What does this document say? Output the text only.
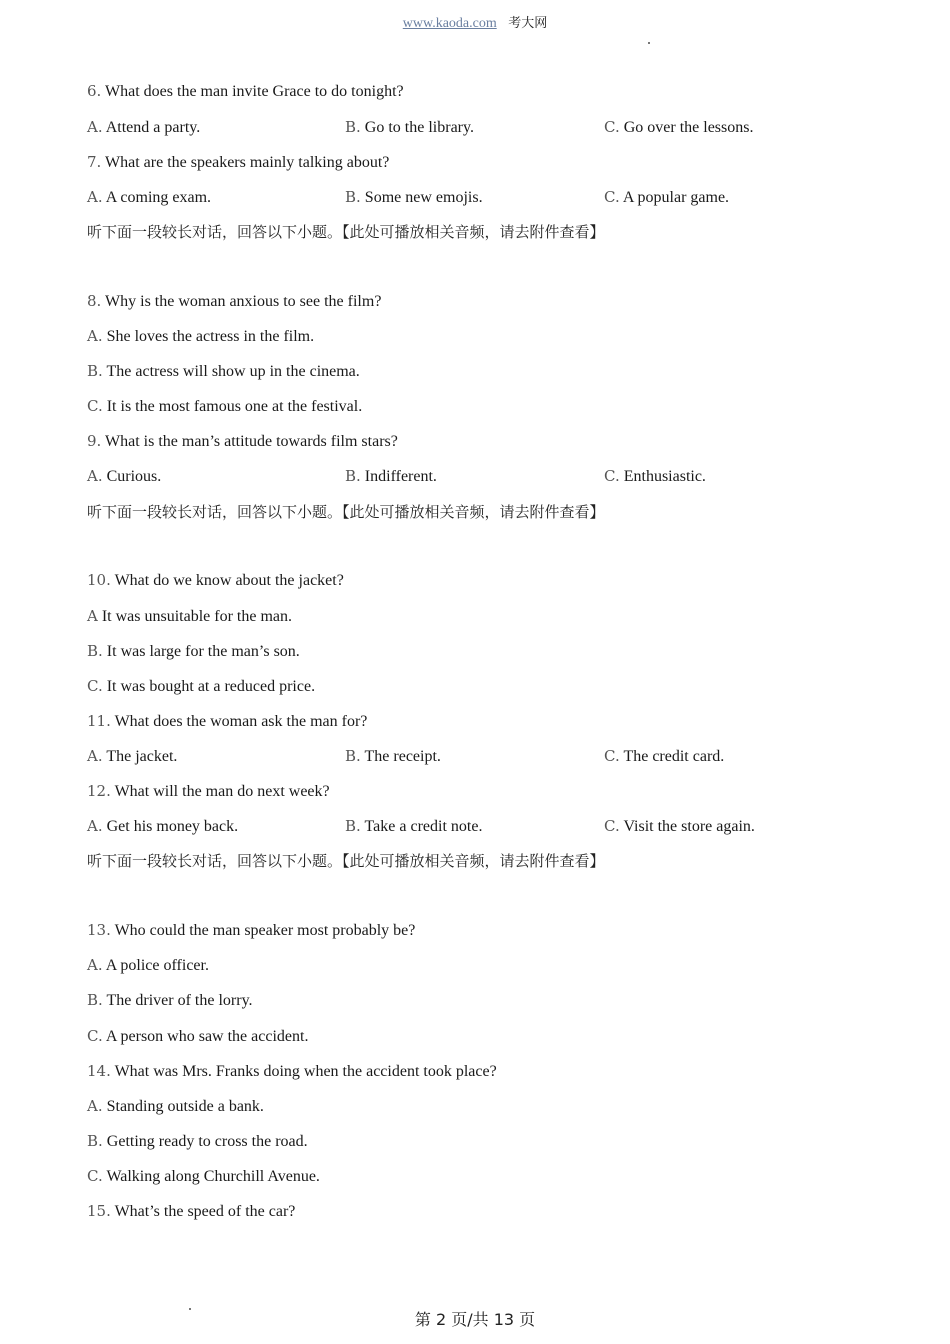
www.kaoda.com 考大网
6. What does the man invite Grace to do tonight?
A. Attend a party.	B. Go to the library.	C. Go over the lessons.
7. What are the speakers mainly talking about?
A. A coming exam.	B. Some new emojis.	C. A popular game.
听下面一段较长对话，回答以下小题。【此处可播放相关音频，请去附件查看】
8. Why is the woman anxious to see the film?
A. She loves the actress in the film.
B. The actress will show up in the cinema.
C. It is the most famous one at the festival.
9. What is the man’s attitude towards film stars?
A. Curious.	B. Indifferent.	C. Enthusiastic.
听下面一段较长对话，回答以下小题。【此处可播放相关音频，请去附件查看】
10. What do we know about the jacket?
A It was unsuitable for the man.
B. It was large for the man’s son.
C. It was bought at a reduced price.
11. What does the woman ask the man for?
A. The jacket.	B. The receipt.	C. The credit card.
12. What will the man do next week?
A. Get his money back.	B. Take a credit note.	C. Visit the store again.
听下面一段较长对话，回答以下小题。【此处可播放相关音频，请去附件查看】
13. Who could the man speaker most probably be?
A. A police officer.
B. The driver of the lorry.
C. A person who saw the accident.
14. What was Mrs. Franks doing when the accident took place?
A. Standing outside a bank.
B. Getting ready to cross the road.
C. Walking along Churchill Avenue.
15. What’s the speed of the car?
第 2 页/共 13 页
